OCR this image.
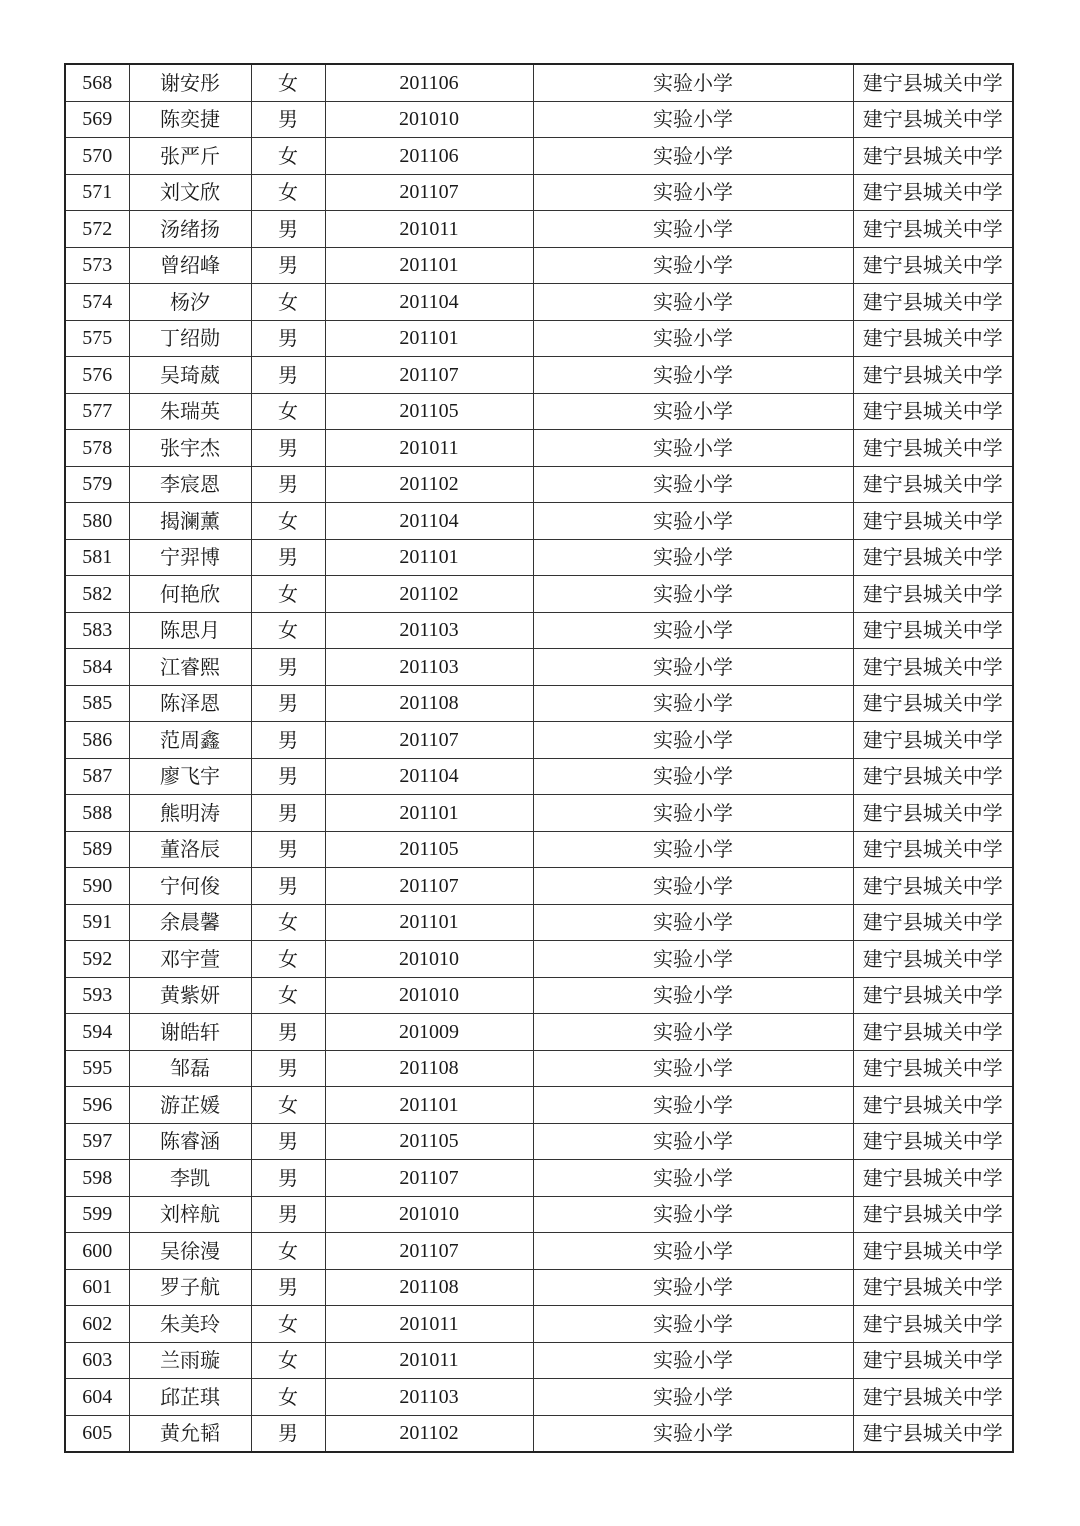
568	谢安彤	女	201106	实验小学	建宁县城关中学
569	陈奕捷	男	201010	实验小学	建宁县城关中学
570	张严斤	女	201106	实验小学	建宁县城关中学
571	刘文欣	女	201107	实验小学	建宁县城关中学
572	汤绪扬	男	201011	实验小学	建宁县城关中学
573	曾绍峰	男	201101	实验小学	建宁县城关中学
574	杨汐	女	201104	实验小学	建宁县城关中学
575	丁绍勋	男	201101	实验小学	建宁县城关中学
576	吴琦葳	男	201107	实验小学	建宁县城关中学
577	朱瑞英	女	201105	实验小学	建宁县城关中学
578	张宇杰	男	201011	实验小学	建宁县城关中学
579	李宸恩	男	201102	实验小学	建宁县城关中学
580	揭澜薰	女	201104	实验小学	建宁县城关中学
581	宁羿博	男	201101	实验小学	建宁县城关中学
582	何艳欣	女	201102	实验小学	建宁县城关中学
583	陈思月	女	201103	实验小学	建宁县城关中学
584	江睿熙	男	201103	实验小学	建宁县城关中学
585	陈泽恩	男	201108	实验小学	建宁县城关中学
586	范周鑫	男	201107	实验小学	建宁县城关中学
587	廖飞宇	男	201104	实验小学	建宁县城关中学
588	熊明涛	男	201101	实验小学	建宁县城关中学
589	董洛辰	男	201105	实验小学	建宁县城关中学
590	宁何俊	男	201107	实验小学	建宁县城关中学
591	余晨馨	女	201101	实验小学	建宁县城关中学
592	邓宇萱	女	201010	实验小学	建宁县城关中学
593	黄紫妍	女	201010	实验小学	建宁县城关中学
594	谢皓轩	男	201009	实验小学	建宁县城关中学
595	邹磊	男	201108	实验小学	建宁县城关中学
596	游芷媛	女	201101	实验小学	建宁县城关中学
597	陈睿涵	男	201105	实验小学	建宁县城关中学
598	李凯	男	201107	实验小学	建宁县城关中学
599	刘梓航	男	201010	实验小学	建宁县城关中学
600	吴徐漫	女	201107	实验小学	建宁县城关中学
601	罗子航	男	201108	实验小学	建宁县城关中学
602	朱美玲	女	201011	实验小学	建宁县城关中学
603	兰雨璇	女	201011	实验小学	建宁县城关中学
604	邱芷琪	女	201103	实验小学	建宁县城关中学
605	黄允韬	男	201102	实验小学	建宁县城关中学
